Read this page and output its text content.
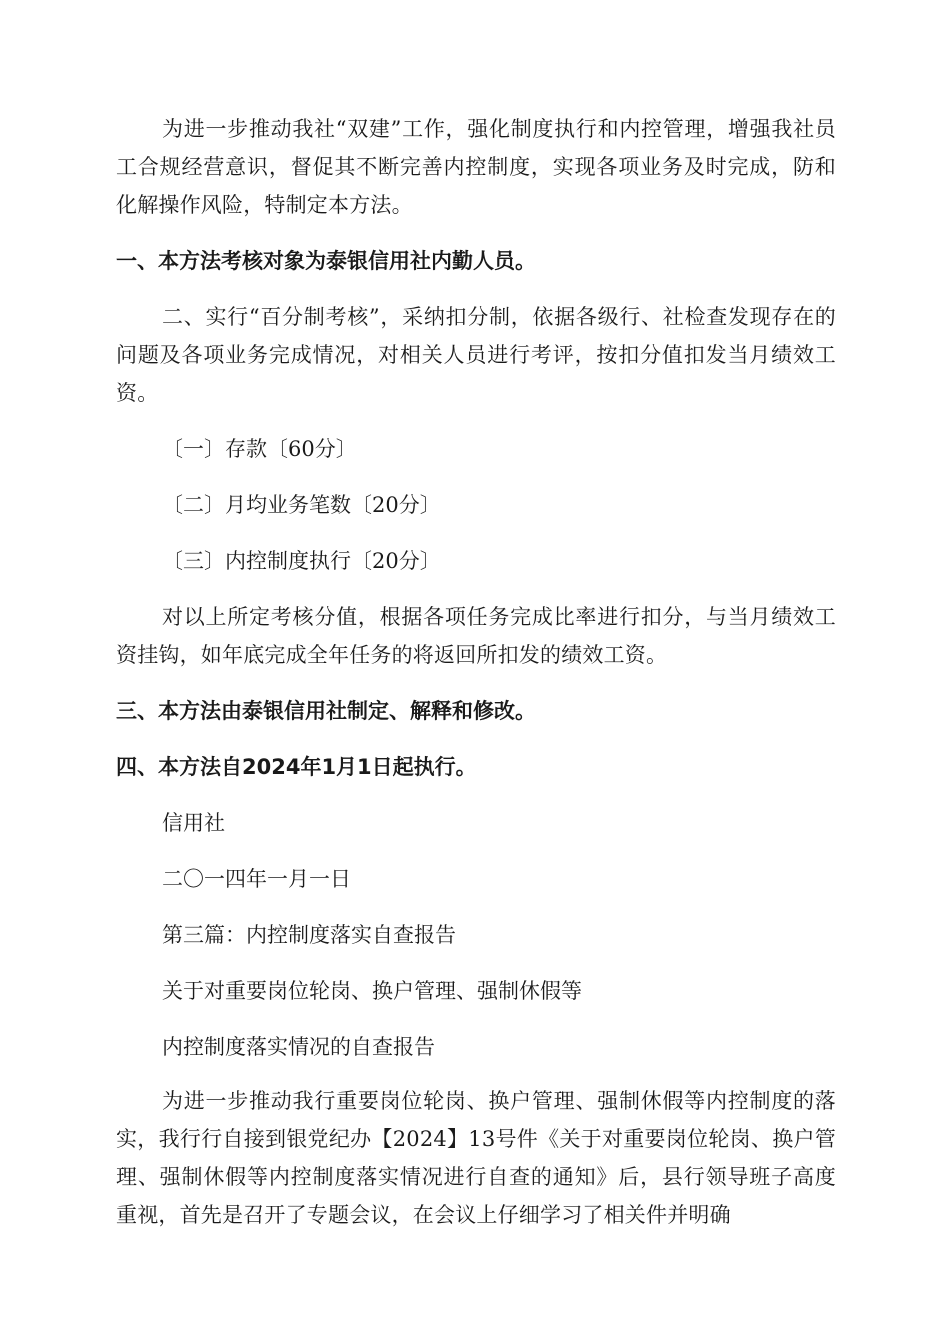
为进一步推动我社“双建”工作，强化制度执行和内控管理，增强我社员工合规经营意识，督促其不断完善内控制度，实现各项业务及时完成，防和化解操作风险，特制定本方法。

一、本方法考核对象为泰银信用社内勤人员。

二、实行“百分制考核”，采纳扣分制，依据各级行、社检查发现存在的问题及各项业务完成情况，对相关人员进行考评，按扣分值扣发当月绩效工资。

〔一〕存款〔60分〕

〔二〕月均业务笔数〔20分〕

〔三〕内控制度执行〔20分〕

对以上所定考核分值，根据各项任务完成比率进行扣分，与当月绩效工资挂钩，如年底完成全年任务的将返回所扣发的绩效工资。

三、本方法由泰银信用社制定、解释和修改。

四、本方法自2024年1月1日起执行。

信用社

二〇一四年一月一日

第三篇：内控制度落实自查报告

关于对重要岗位轮岗、换户管理、强制休假等

内控制度落实情况的自查报告

为进一步推动我行重要岗位轮岗、换户管理、强制休假等内控制度的落实，我行行自接到银党纪办【2024】13号件《关于对重要岗位轮岗、换户管理、强制休假等内控制度落实情况进行自查的通知》后，县行领导班子高度重视，首先是召开了专题会议，在会议上仔细学习了相关件并明确
